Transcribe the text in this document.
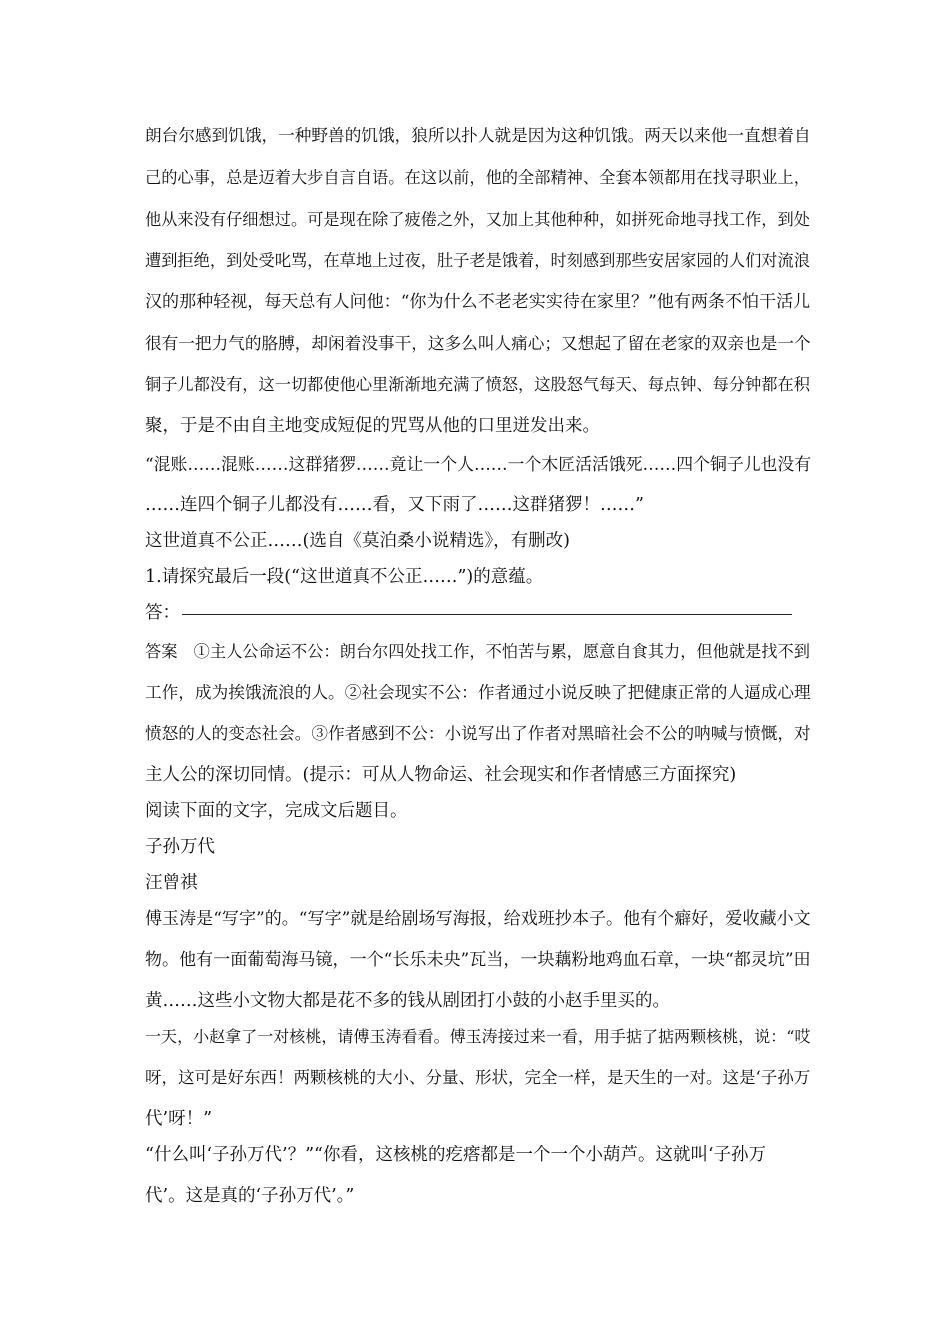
朗台尔感到饥饿，一种野兽的饥饿，狼所以扑人就是因为这种饥饿。两天以来他一直想着自
己的心事，总是迈着大步自言自语。在这以前，他的全部精神、全套本领都用在找寻职业上，
他从来没有仔细想过。可是现在除了疲倦之外，又加上其他种种，如拼死命地寻找工作，到处
遭到拒绝，到处受叱骂，在草地上过夜，肚子老是饿着，时刻感到那些安居家园的人们对流浪
汉的那种轻视，每天总有人问他：“你为什么不老老实实待在家里？”他有两条不怕干活儿
很有一把力气的胳膊，却闲着没事干，这多么叫人痛心；又想起了留在老家的双亲也是一个
铜子儿都没有，这一切都使他心里渐渐地充满了愤怒，这股怒气每天、每点钟、每分钟都在积
聚，于是不由自主地变成短促的咒骂从他的口里迸发出来。
“混账……混账……这群猪猡……竟让一个人……一个木匠活活饿死……四个铜子儿也没有
……连四个铜子儿都没有……看，又下雨了……这群猪猡！……”
这世道真不公正……(选自《莫泊桑小说精选》，有删改)
1.请探究最后一段(“这世道真不公正……”)的意蕴。
答：
答案　①主人公命运不公：朗台尔四处找工作，不怕苦与累，愿意自食其力，但他就是找不到
工作，成为挨饿流浪的人。②社会现实不公：作者通过小说反映了把健康正常的人逼成心理
愤怒的人的变态社会。③作者感到不公：小说写出了作者对黑暗社会不公的呐喊与愤慨，对
主人公的深切同情。(提示：可从人物命运、社会现实和作者情感三方面探究)
阅读下面的文字，完成文后题目。
子孙万代
汪曾祺
傅玉涛是“写字”的。“写字”就是给剧场写海报，给戏班抄本子。他有个癖好，爱收藏小文
物。他有一面葡萄海马镜，一个“长乐未央”瓦当，一块藕粉地鸡血石章，一块“都灵坑”田
黄……这些小文物大都是花不多的钱从剧团打小鼓的小赵手里买的。
一天，小赵拿了一对核桃，请傅玉涛看看。傅玉涛接过来一看，用手掂了掂两颗核桃，说：“哎
呀，这可是好东西！两颗核桃的大小、分量、形状，完全一样，是天生的一对。这是‘子孙万
代’呀！”
“什么叫‘子孙万代’？”“你看，这核桃的疙瘩都是一个一个小葫芦。这就叫‘子孙万
代’。这是真的‘子孙万代’。”
